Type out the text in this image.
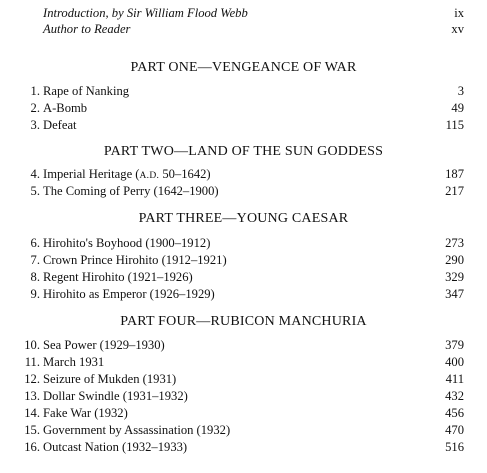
Introduction, by Sir William Flood Webb	ix
Author to Reader	xv
PART ONE—VENGEANCE OF WAR
1. Rape of Nanking	3
2. A-Bomb	49
3. Defeat	115
PART TWO—LAND OF THE SUN GODDESS
4. Imperial Heritage (A.D. 50–1642)	187
5. The Coming of Perry (1642–1900)	217
PART THREE—YOUNG CAESAR
6. Hirohito's Boyhood (1900–1912)	273
7. Crown Prince Hirohito (1912–1921)	290
8. Regent Hirohito (1921–1926)	329
9. Hirohito as Emperor (1926–1929)	347
PART FOUR—RUBICON MANCHURIA
10. Sea Power (1929–1930)	379
11. March 1931	400
12. Seizure of Mukden (1931)	411
13. Dollar Swindle (1931–1932)	432
14. Fake War (1932)	456
15. Government by Assassination (1932)	470
16. Outcast Nation (1932–1933)	516
